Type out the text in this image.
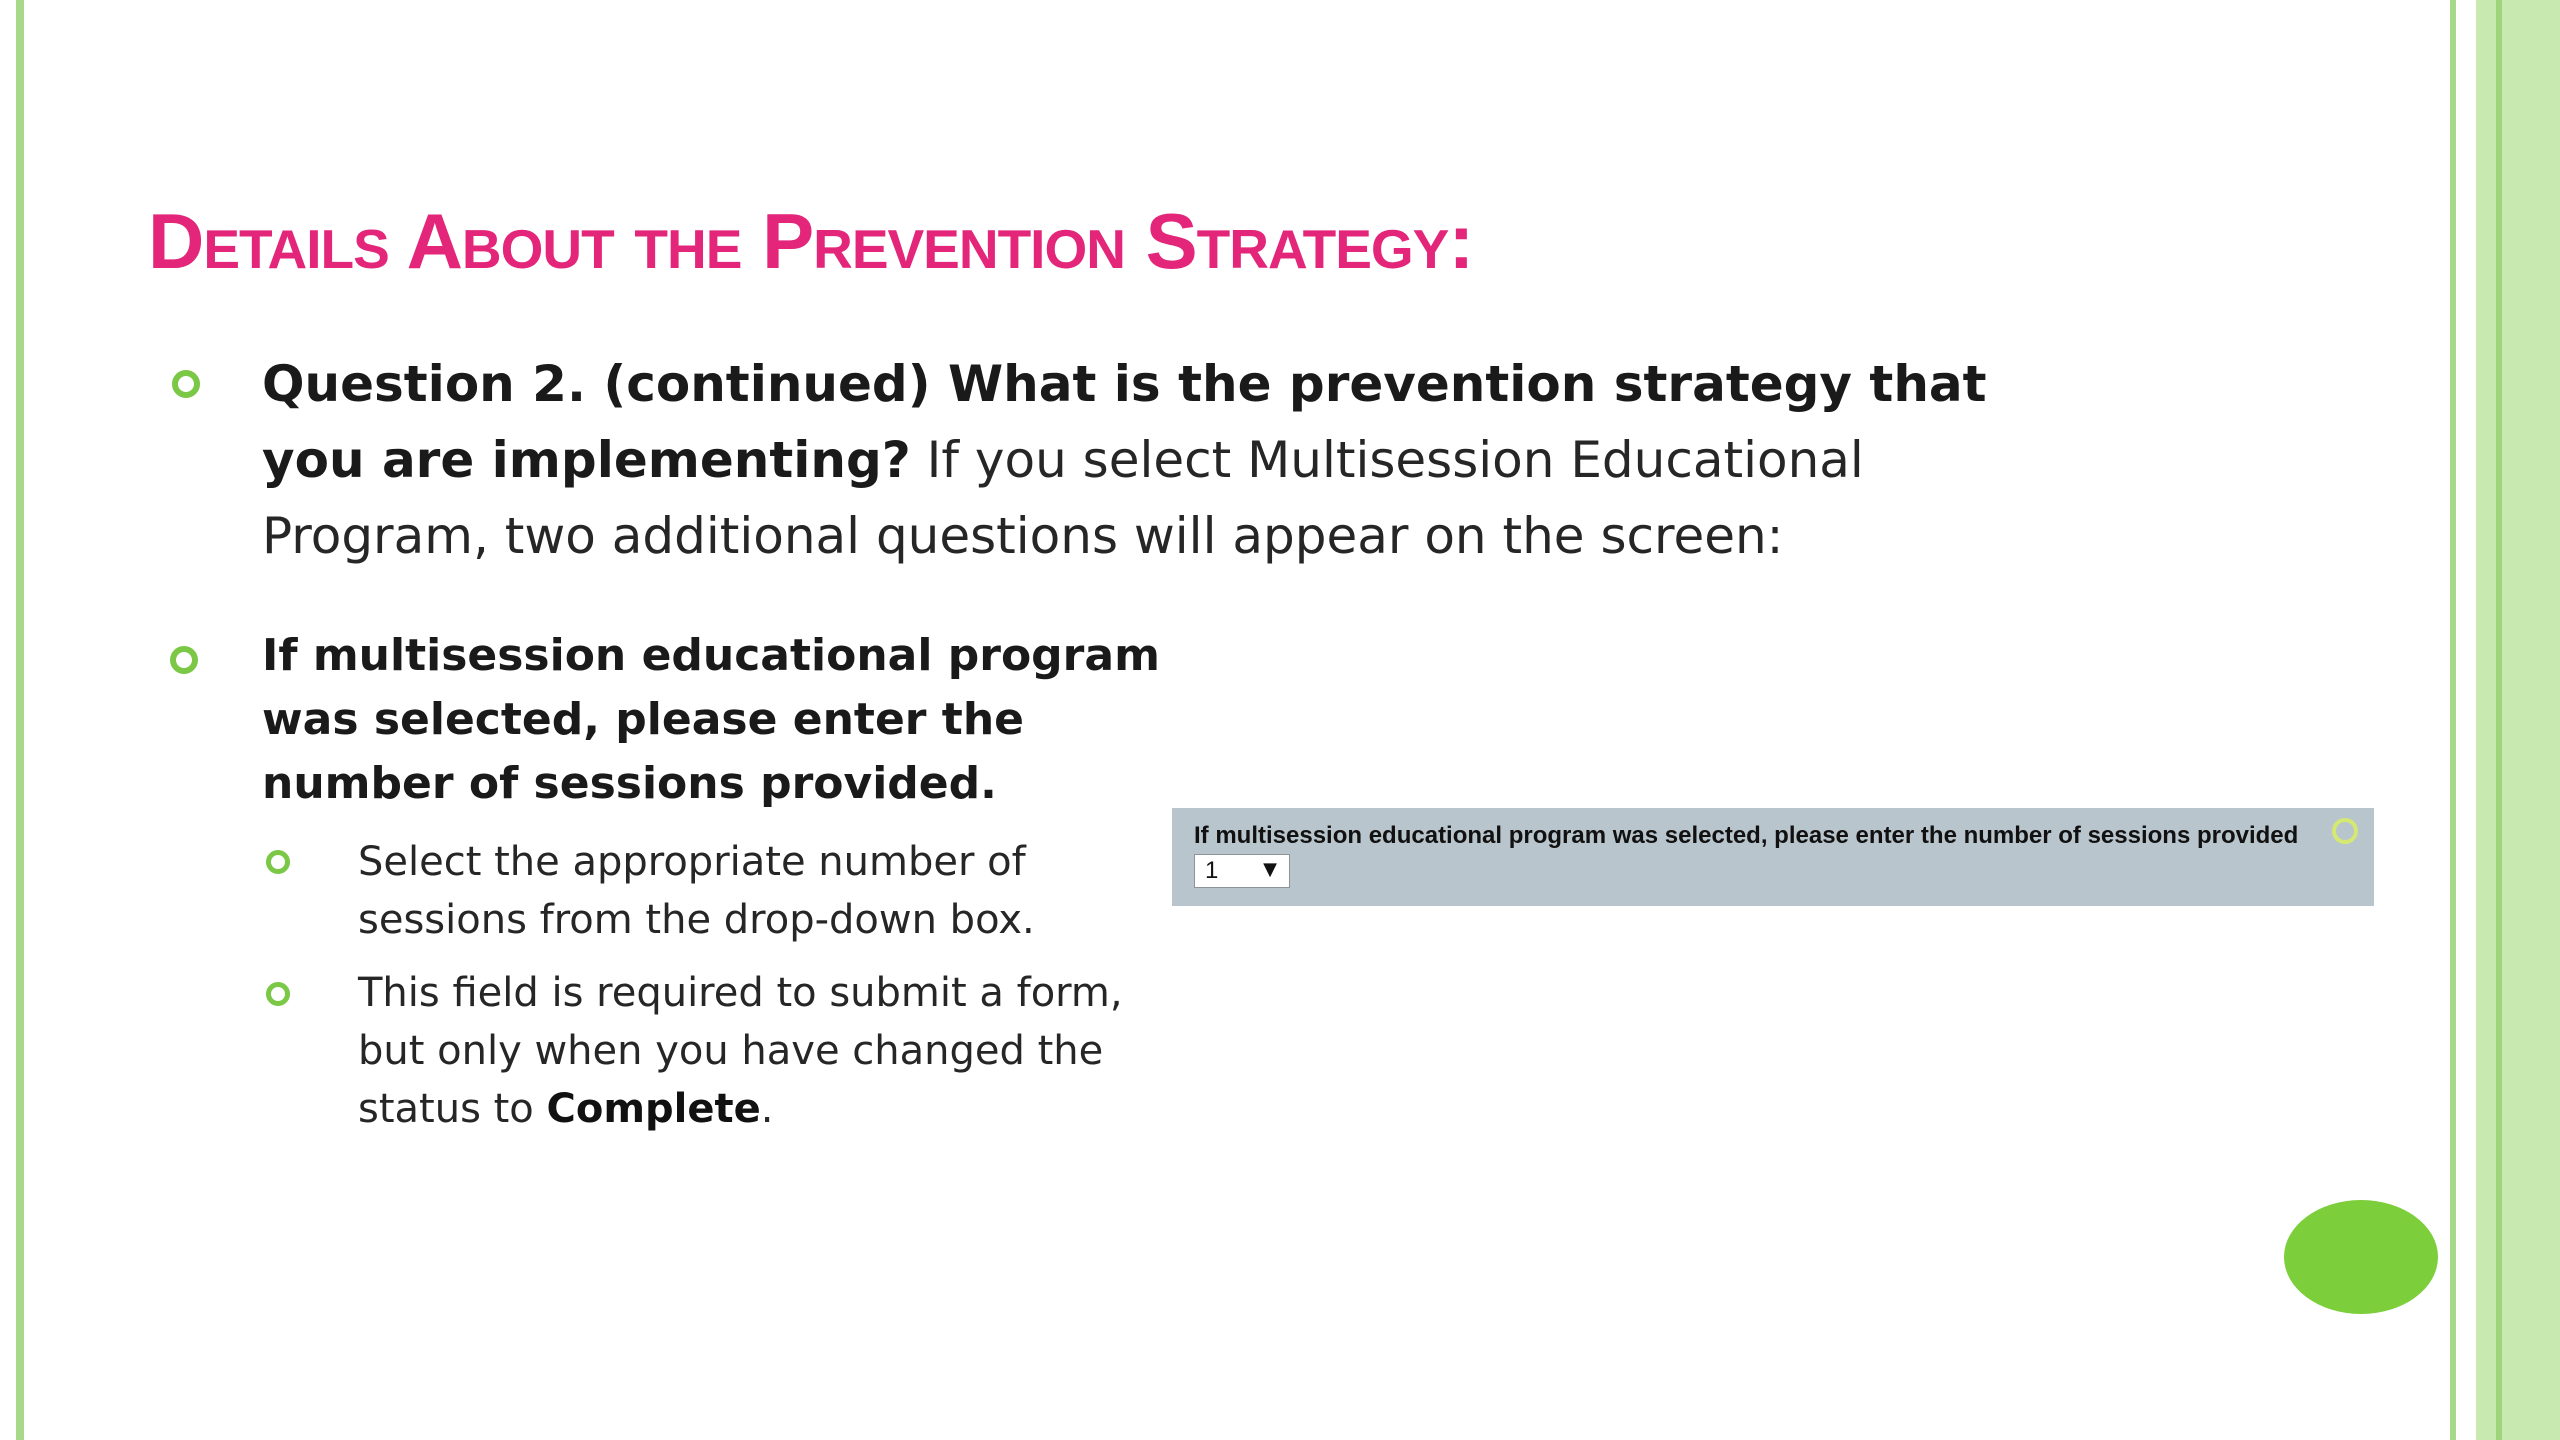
Details About the Prevention Strategy:
Question 2. (continued) What is the prevention strategy that you are implementing? If you select Multisession Educational Program, two additional questions will appear on the screen:
If multisession educational program was selected, please enter the number of sessions provided.
Select the appropriate number of sessions from the drop-down box.
This field is required to submit a form, but only when you have changed the status to Complete.
If multisession educational program was selected, please enter the number of sessions provided
1 ▼
